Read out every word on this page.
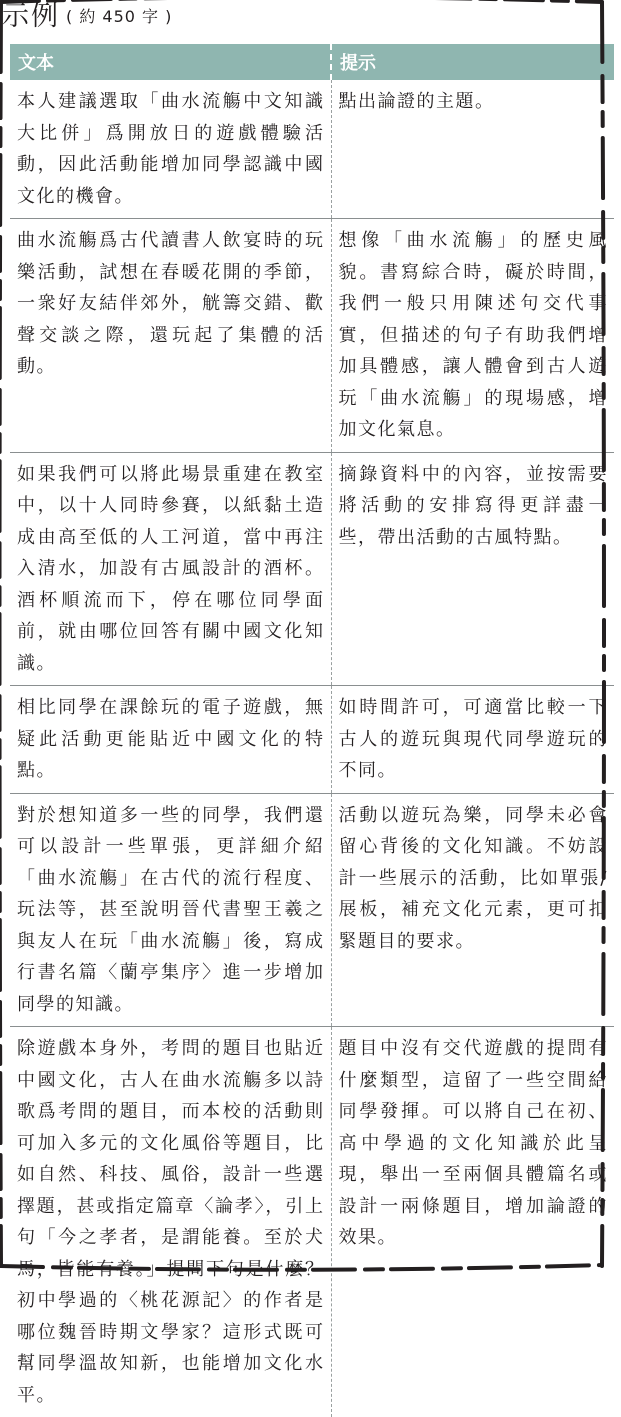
示例 ( 約 450 字 )
文本	提示
本人建議選取「曲水流觴中文知識大比併」爲開放日的遊戲體驗活動，因此活動能增加同學認識中國文化的機會。	點出論證的主題。
曲水流觴爲古代讀書人飲宴時的玩樂活動，試想在春暖花開的季節，一衆好友結伴郊外，觥籌交錯、歡聲交談之際，還玩起了集體的活動。	想像「曲水流觴」的歷史風貌。書寫綜合時，礙於時間，我們一般只用陳述句交代事實，但描述的句子有助我們增加具體感，讓人體會到古人遊玩「曲水流觴」的現場感，增加文化氣息。
如果我們可以將此場景重建在教室中，以十人同時參賽，以紙黏土造成由高至低的人工河道，當中再注入清水，加設有古風設計的酒杯。酒杯順流而下，停在哪位同學面前，就由哪位回答有關中國文化知識。	摘錄資料中的內容，並按需要將活動的安排寫得更詳盡一些，帶出活動的古風特點。
相比同學在課餘玩的電子遊戲，無疑此活動更能貼近中國文化的特點。	如時間許可，可適當比較一下古人的遊玩與現代同學遊玩的不同。
對於想知道多一些的同學，我們還可以設計一些單張，更詳細介紹「曲水流觴」在古代的流行程度、玩法等，甚至說明晉代書聖王羲之與友人在玩「曲水流觴」後，寫成行書名篇〈蘭亭集序〉進一步增加同學的知識。	活動以遊玩為樂，同學未必會留心背後的文化知識。不妨設計一些展示的活動，比如單張/展板，補充文化元素，更可扣緊題目的要求。
除遊戲本身外，考問的題目也貼近中國文化，古人在曲水流觴多以詩歌爲考問的題目，而本校的活動則可加入多元的文化風俗等題目，比如自然、科技、風俗，設計一些選擇題，甚或指定篇章〈論孝〉，引上句「今之孝者，是謂能養。至於犬馬，皆能有養。」提問下句是什麼？初中學過的〈桃花源記〉的作者是哪位魏晉時期文學家？這形式既可幫同學溫故知新，也能增加文化水平。	題目中沒有交代遊戲的提問有什麼類型，這留了一些空間給同學發揮。可以將自己在初、高中學過的文化知識於此呈現，舉出一至兩個具體篇名或設計一兩條題目，增加論證的效果。
